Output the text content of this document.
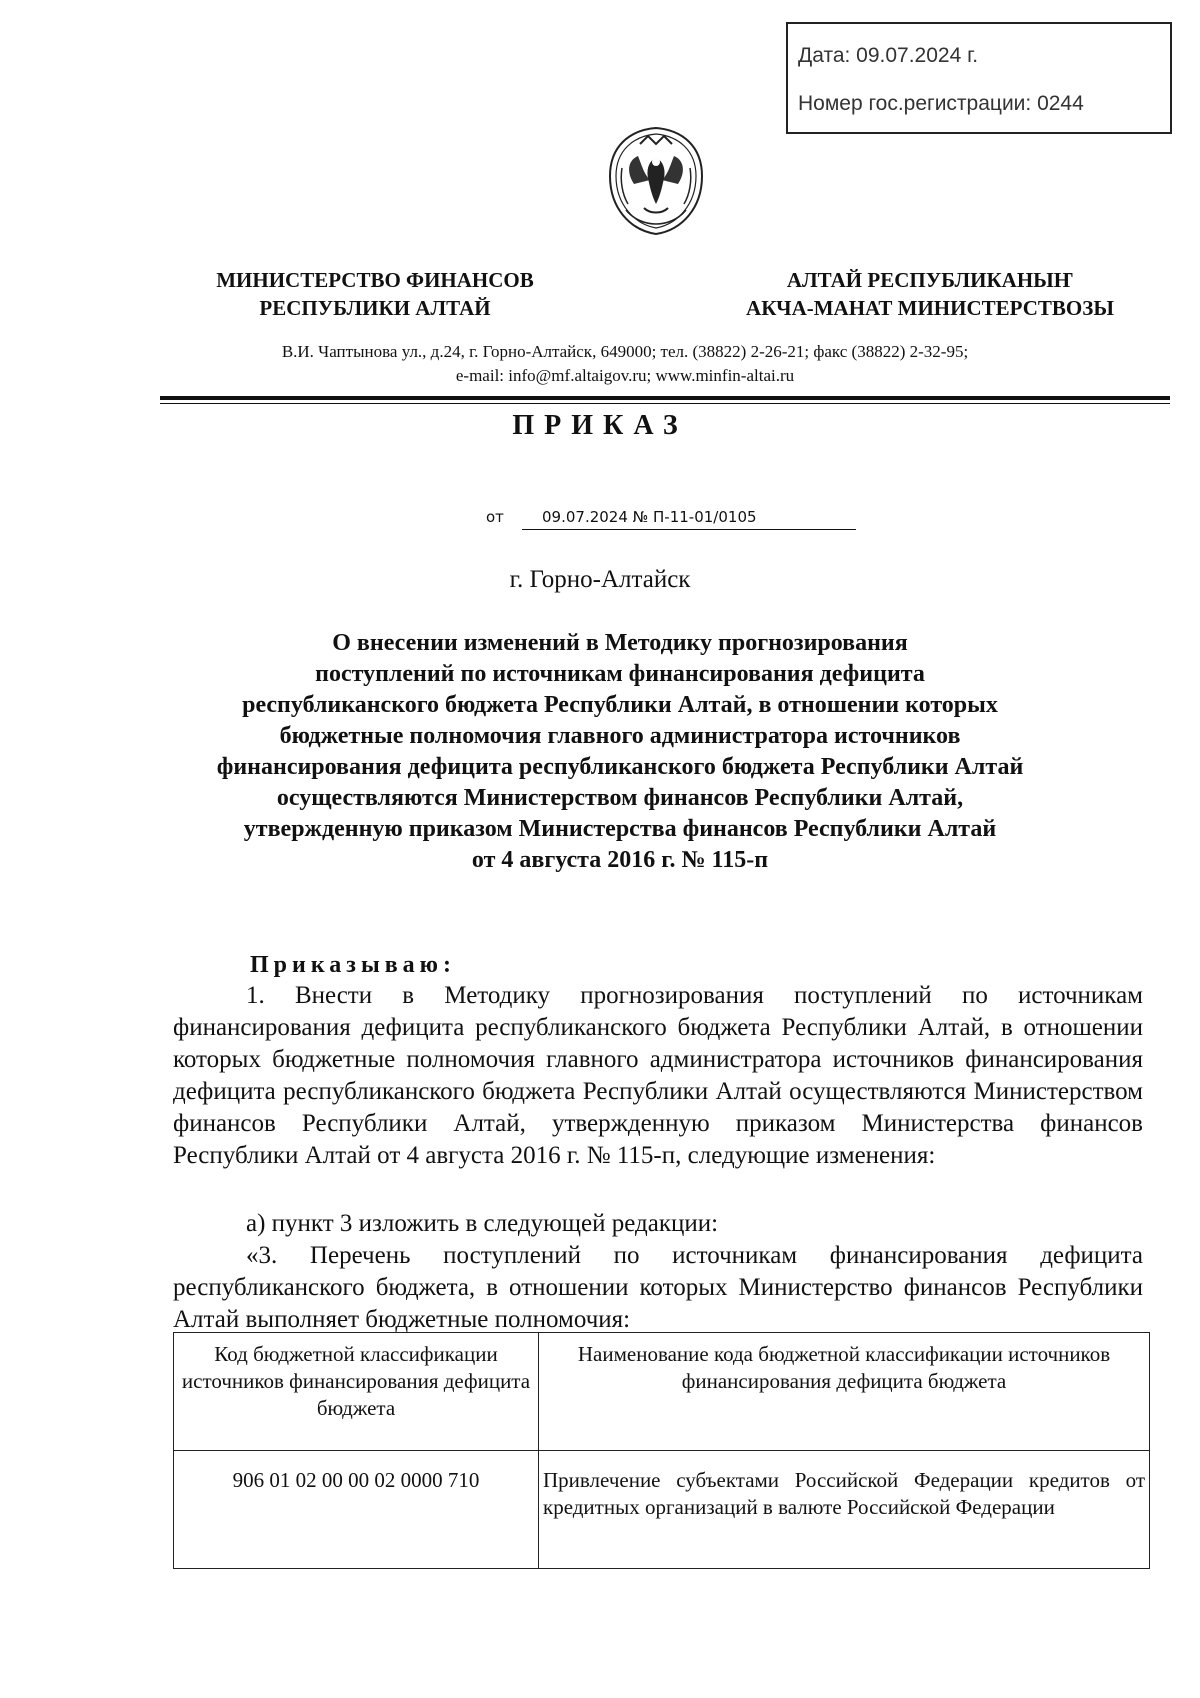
Дата: 09.07.2024 г.
Номер гос.регистрации: 0244
МИНИСТЕРСТВО ФИНАНСОВ
РЕСПУБЛИКИ АЛТАЙ
АЛТАЙ РЕСПУБЛИКАНЫҤ
АКЧА-МАНАТ МИНИСТЕРСТВОЗЫ
В.И. Чаптынова ул., д.24, г. Горно-Алтайск, 649000; тел. (38822) 2-26-21; факс (38822) 2-32-95;
e-mail: info@mf.altaigov.ru; www.minfin-altai.ru
ПРИКАЗ
от	09.07.2024 № П-11-01/0105
г. Горно-Алтайск
О внесении изменений в Методику прогнозирования
поступлений по источникам финансирования дефицита
республиканского бюджета Республики Алтай, в отношении которых
бюджетные полномочия главного администратора источников
финансирования дефицита республиканского бюджета Республики Алтай
осуществляются Министерством финансов Республики Алтай,
утвержденную приказом Министерства финансов Республики Алтай
от 4 августа 2016 г. № 115-п
Приказываю:
1. Внести в Методику прогнозирования поступлений по источникам финансирования дефицита республиканского бюджета Республики Алтай, в отношении которых бюджетные полномочия главного администратора источников финансирования дефицита республиканского бюджета Республики Алтай осуществляются Министерством финансов Республики Алтай, утвержденную приказом Министерства финансов Республики Алтай от 4 августа 2016 г. № 115-п, следующие изменения:
а) пункт 3 изложить в следующей редакции:
«3. Перечень поступлений по источникам финансирования дефицита республиканского бюджета, в отношении которых Министерство финансов Республики Алтай выполняет бюджетные полномочия:
Код бюджетной классификации источников финансирования дефицита бюджета	Наименование кода бюджетной классификации источников финансирования дефицита бюджета
906 01 02 00 00 02 0000 710	Привлечение субъектами Российской Федерации кредитов от кредитных организаций в валюте Российской Федерации
